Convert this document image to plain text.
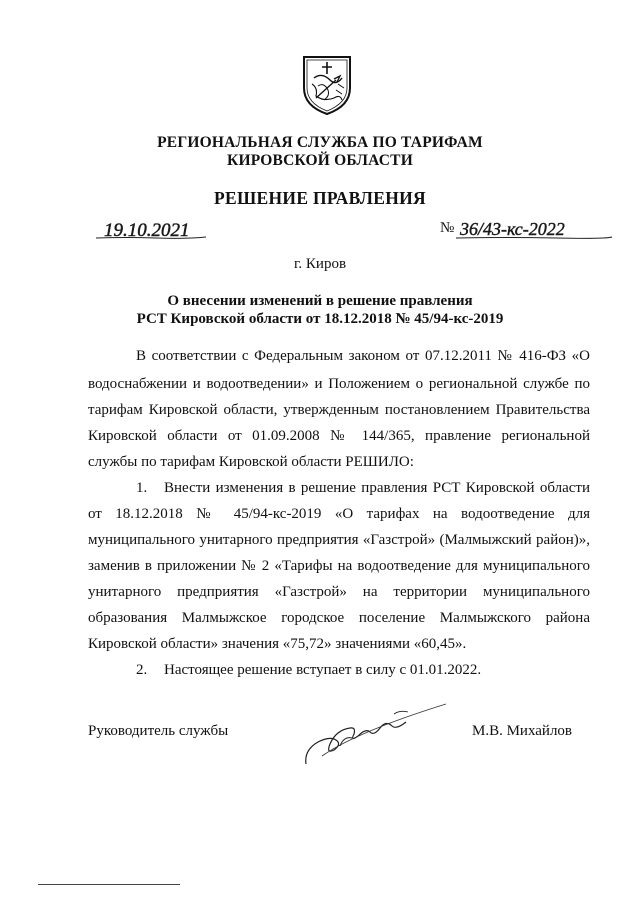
РЕГИОНАЛЬНАЯ СЛУЖБА ПО ТАРИФАМ
КИРОВСКОЙ ОБЛАСТИ
РЕШЕНИЕ ПРАВЛЕНИЯ
19.10.2021	№ 36/43-кс-2022
г. Киров
О внесении изменений в решение правления
РСТ Кировской области от 18.12.2018 № 45/94-кс-2019
В соответствии с Федеральным законом от 07.12.2011 № 416-ФЗ «О
водоснабжении и водоотведении» и Положением о региональной службе по
тарифам Кировской области, утвержденным постановлением Правительства
Кировской области от 01.09.2008 № 144/365, правление региональной
службы по тарифам Кировской области РЕШИЛО:
1. Внести изменения в решение правления РСТ Кировской области
от 18.12.2018 № 45/94-кс-2019 «О тарифах на водоотведение для
муниципального унитарного предприятия «Газстрой» (Малмыжский район)»,
заменив в приложении № 2 «Тарифы на водоотведение для муниципального
унитарного предприятия «Газстрой» на территории муниципального
образования Малмыжское городское поселение Малмыжского района
Кировской области» значения «75,72» значениями «60,45».
2. Настоящее решение вступает в силу с 01.01.2022.
Руководитель службы	М.В. Михайлов
